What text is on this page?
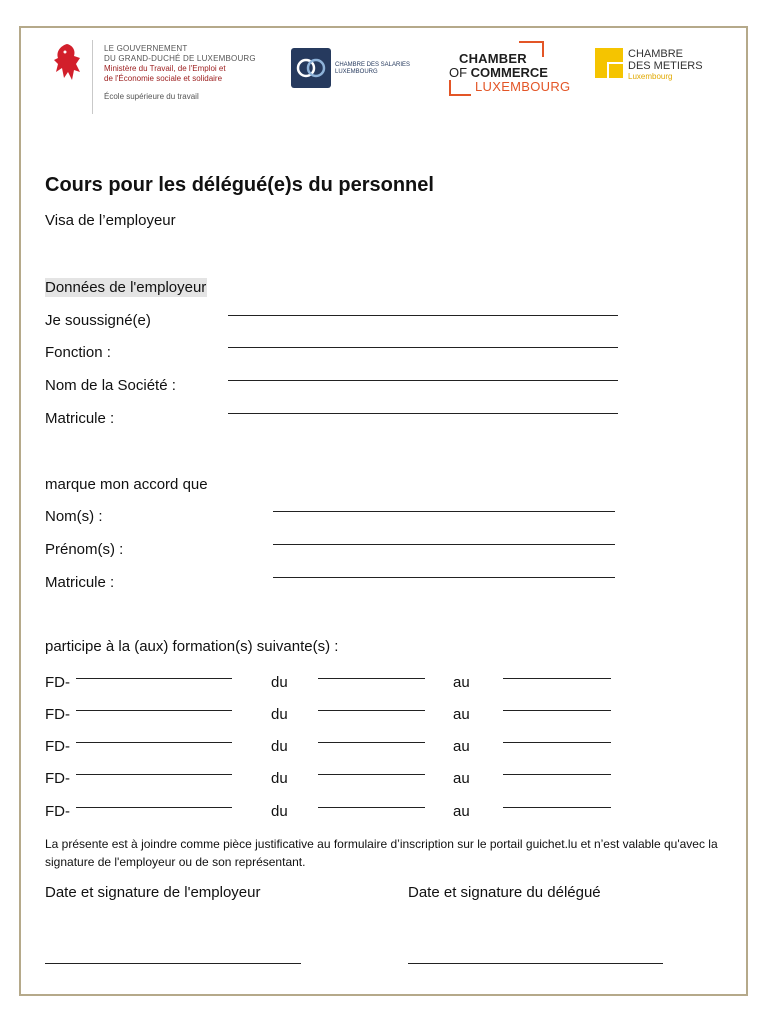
LE GOUVERNEMENT
DU GRAND-DUCHÉ DE LUXEMBOURG
Ministère du Travail, de l'Emploi et
de l'Économie sociale et solidaire
École supérieure du travail
CHAMBRE DES SALARIES
LUXEMBOURG
CHAMBER
OF COMMERCE
LUXEMBOURG
CHAMBRE
DES METIERS
Luxembourg
Cours pour les délégué(e)s du personnel
Visa de l’employeur
Données de l'employeur
Je soussigné(e)
Fonction :
Nom de la Société :
Matricule :
marque mon accord que
Nom(s) :
Prénom(s) :
Matricule :
participe à la (aux) formation(s) suivante(s) :
FD-	du	au
FD-	du	au
FD-	du	au
FD-	du	au
FD-	du	au
La présente est à joindre comme pièce justificative au formulaire d’inscription sur le portail guichet.lu et n’est valable qu'avec la signature de l'employeur ou de son représentant.
Date et signature de l'employeur	Date et signature du délégué
